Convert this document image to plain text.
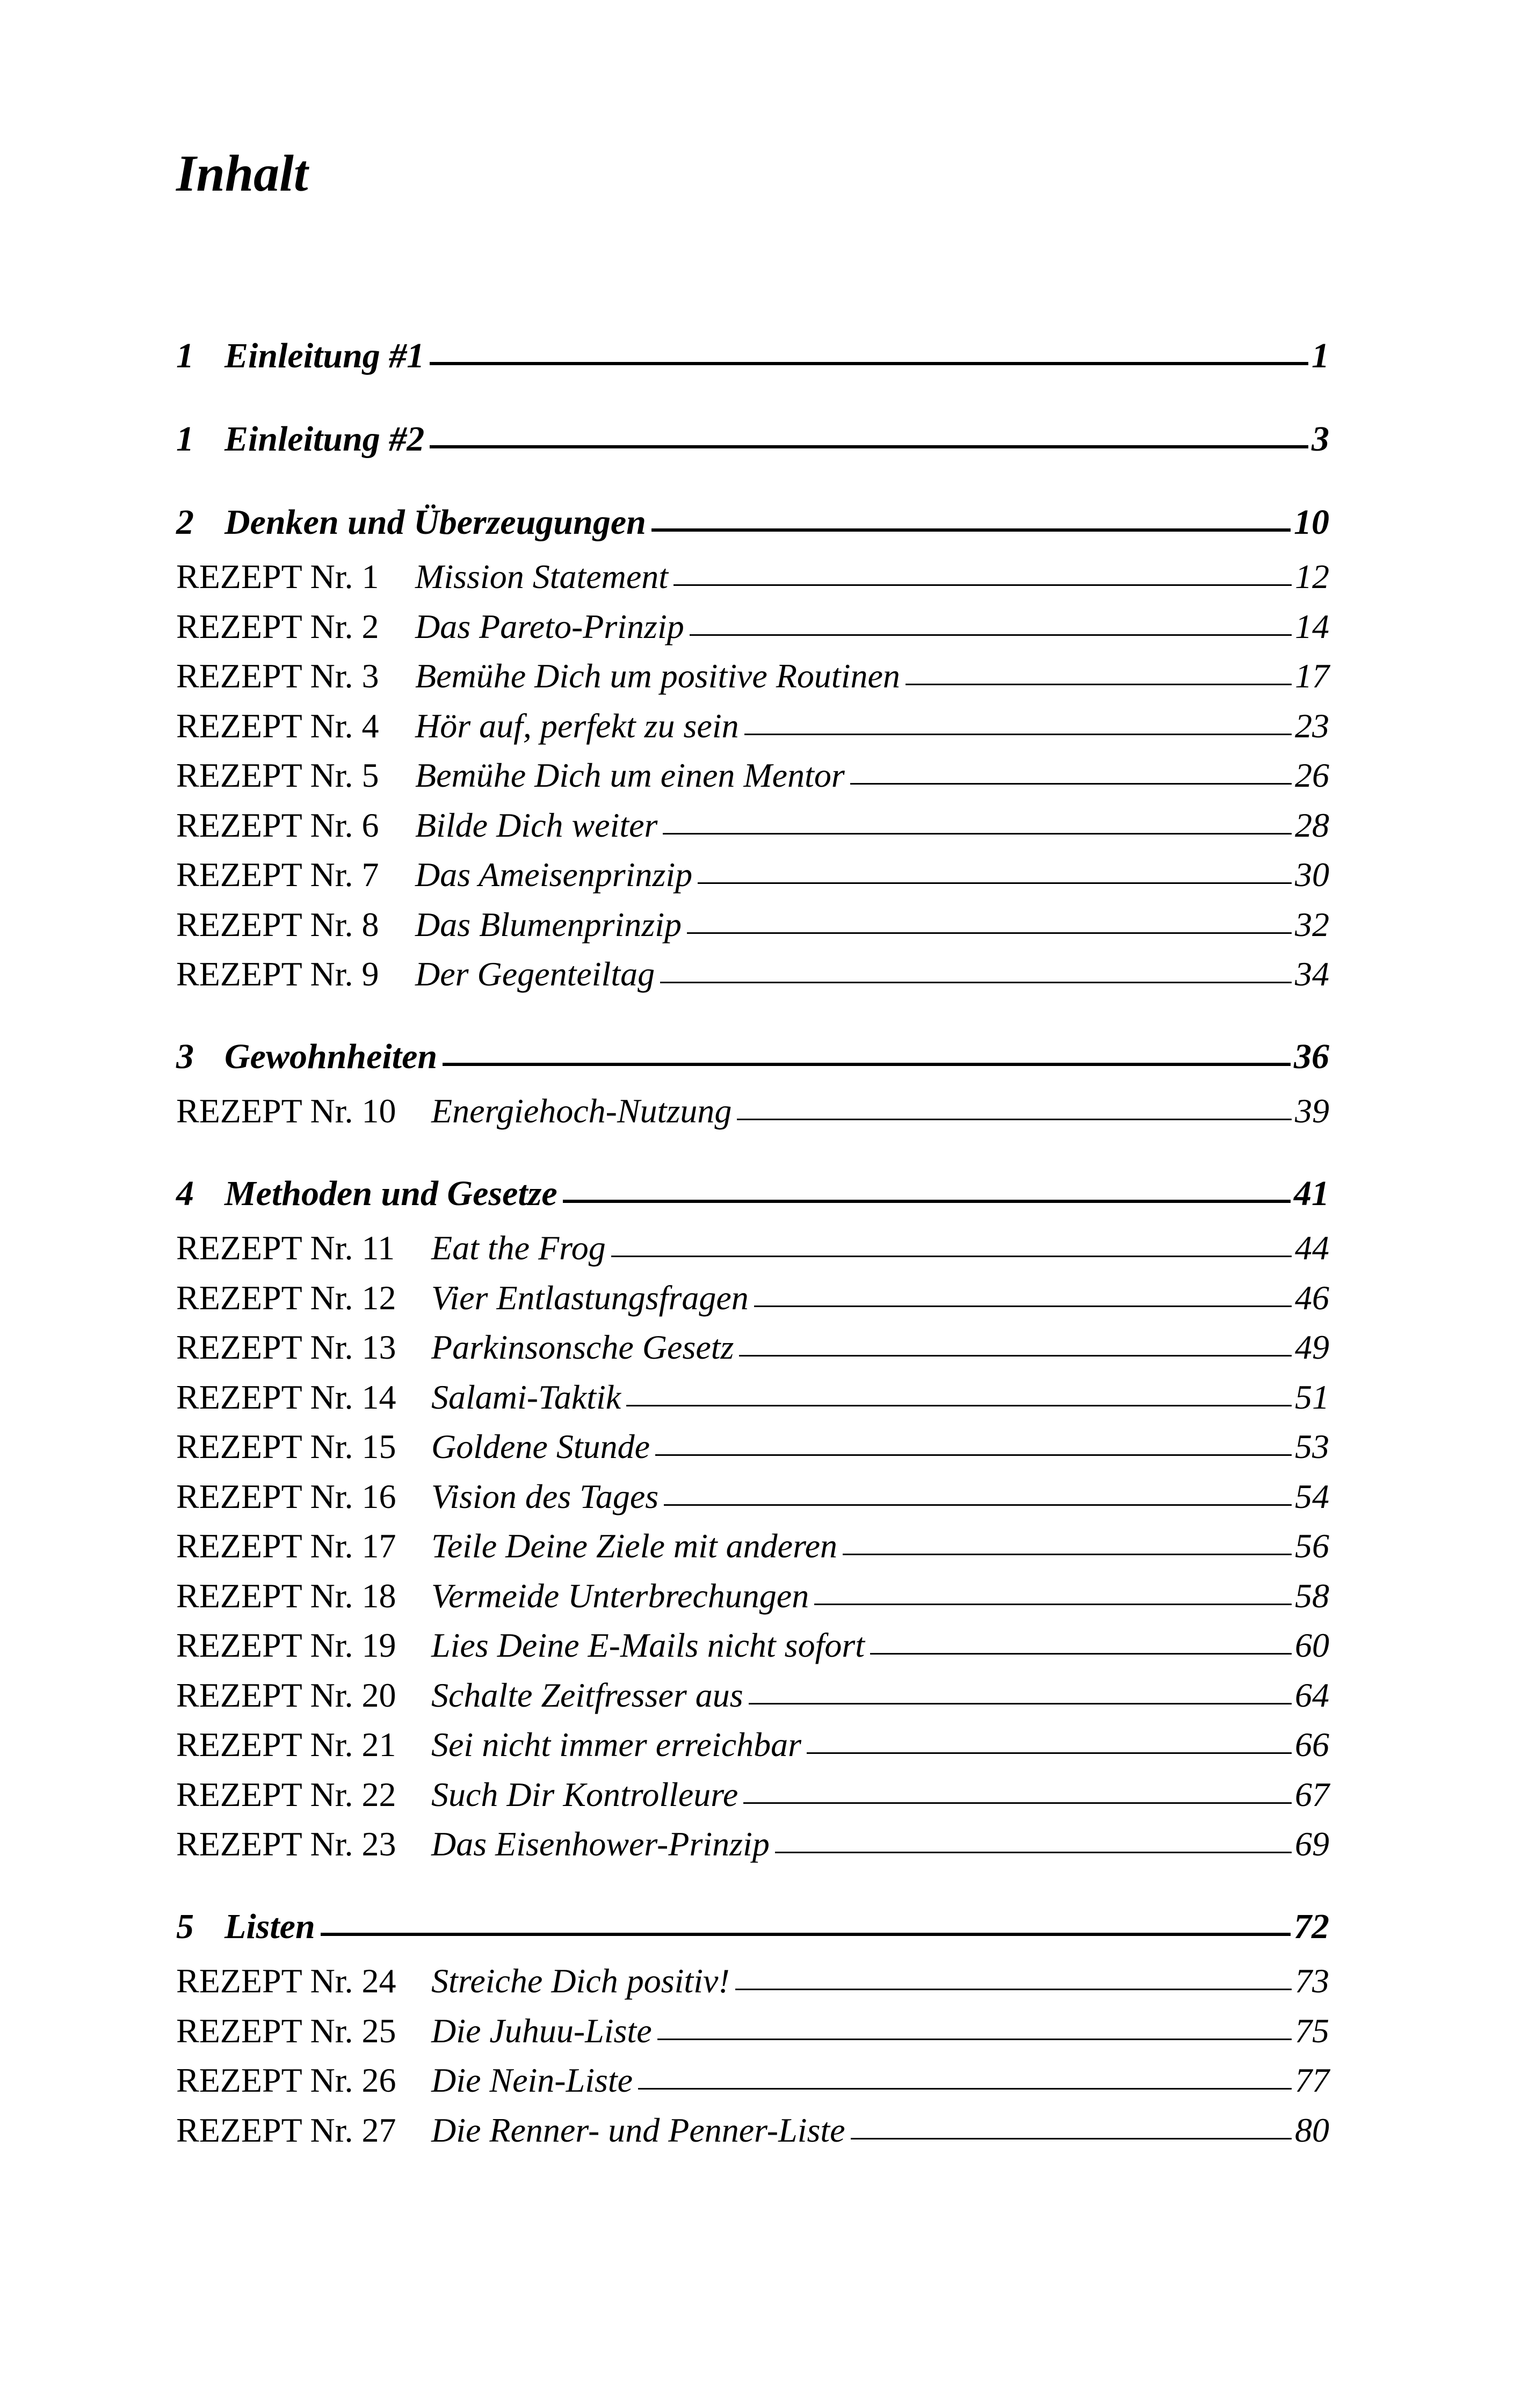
Inhalt
1 Einleitung #1	1
1 Einleitung #2	3
2 Denken und Überzeugungen	10
REZEPT Nr. 1	Mission Statement	12
REZEPT Nr. 2	Das Pareto-Prinzip	14
REZEPT Nr. 3	Bemühe Dich um positive Routinen	17
REZEPT Nr. 4	Hör auf, perfekt zu sein	23
REZEPT Nr. 5	Bemühe Dich um einen Mentor	26
REZEPT Nr. 6	Bilde Dich weiter	28
REZEPT Nr. 7	Das Ameisenprinzip	30
REZEPT Nr. 8	Das Blumenprinzip	32
REZEPT Nr. 9	Der Gegenteiltag	34
3 Gewohnheiten	36
REZEPT Nr. 10	Energiehoch-Nutzung	39
4 Methoden und Gesetze	41
REZEPT Nr. 11	Eat the Frog	44
REZEPT Nr. 12	Vier Entlastungsfragen	46
REZEPT Nr. 13	Parkinsonsche Gesetz	49
REZEPT Nr. 14	Salami-Taktik	51
REZEPT Nr. 15	Goldene Stunde	53
REZEPT Nr. 16	Vision des Tages	54
REZEPT Nr. 17	Teile Deine Ziele mit anderen	56
REZEPT Nr. 18	Vermeide Unterbrechungen	58
REZEPT Nr. 19	Lies Deine E-Mails nicht sofort	60
REZEPT Nr. 20	Schalte Zeitfresser aus	64
REZEPT Nr. 21	Sei nicht immer erreichbar	66
REZEPT Nr. 22	Such Dir Kontrolleure	67
REZEPT Nr. 23	Das Eisenhower-Prinzip	69
5 Listen	72
REZEPT Nr. 24	Streiche Dich positiv!	73
REZEPT Nr. 25	Die Juhuu-Liste	75
REZEPT Nr. 26	Die Nein-Liste	77
REZEPT Nr. 27	Die Renner- und Penner-Liste	80
